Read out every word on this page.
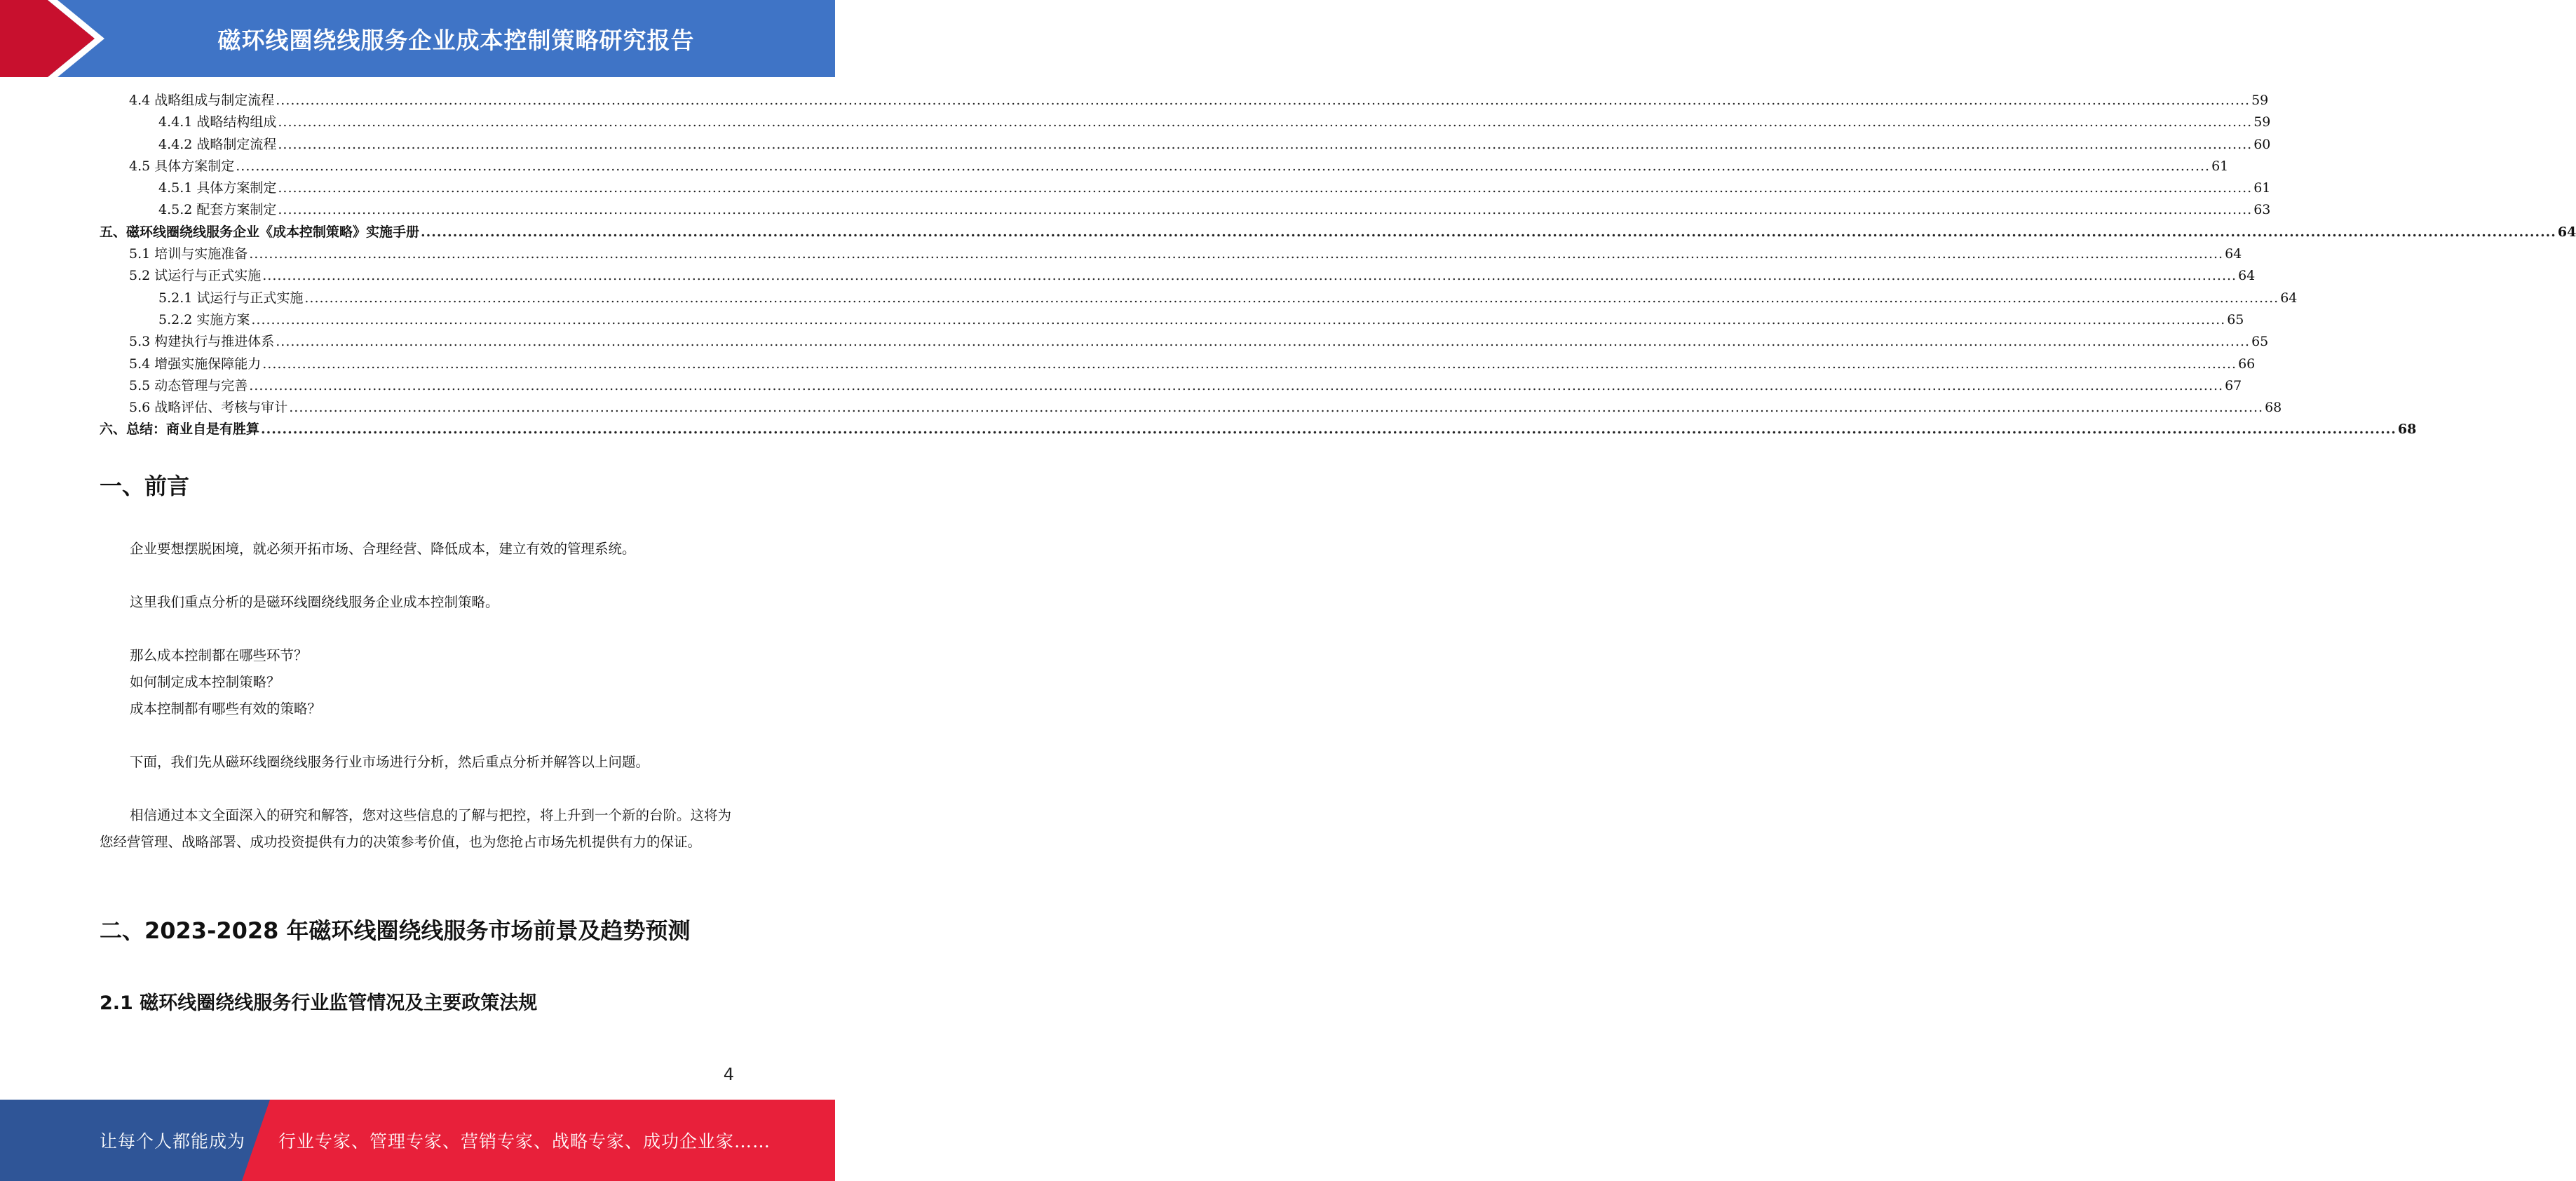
磁环线圈绕线服务企业成本控制策略研究报告
4.4 战略组成与制定流程 ................................................................................................................................................................................................................................................................................................................................................................................................................ 59
4.4.1 战略结构组成 ................................................................................................................................................................................................................................................................................................................................................................................................................ 59
4.4.2 战略制定流程 ................................................................................................................................................................................................................................................................................................................................................................................................................ 60
4.5 具体方案制定 ................................................................................................................................................................................................................................................................................................................................................................................................................ 61
4.5.1 具体方案制定 ................................................................................................................................................................................................................................................................................................................................................................................................................ 61
4.5.2 配套方案制定 ................................................................................................................................................................................................................................................................................................................................................................................................................ 63
五、磁环线圈绕线服务企业《成本控制策略》实施手册 ................................................................................................................................................................................................................................................................................................................................................................................................................ 64
5.1 培训与实施准备 ................................................................................................................................................................................................................................................................................................................................................................................................................ 64
5.2 试运行与正式实施 ................................................................................................................................................................................................................................................................................................................................................................................................................ 64
5.2.1 试运行与正式实施 ................................................................................................................................................................................................................................................................................................................................................................................................................ 64
5.2.2 实施方案 ................................................................................................................................................................................................................................................................................................................................................................................................................ 65
5.3 构建执行与推进体系 ................................................................................................................................................................................................................................................................................................................................................................................................................ 65
5.4 增强实施保障能力 ................................................................................................................................................................................................................................................................................................................................................................................................................ 66
5.5 动态管理与完善 ................................................................................................................................................................................................................................................................................................................................................................................................................ 67
5.6 战略评估、考核与审计 ................................................................................................................................................................................................................................................................................................................................................................................................................ 68
六、总结：商业自是有胜算 ................................................................................................................................................................................................................................................................................................................................................................................................................ 68
一、前言

企业要想摆脱困境，就必须开拓市场、合理经营、降低成本，建立有效的管理系统。

这里我们重点分析的是磁环线圈绕线服务企业成本控制策略。

那么成本控制都在哪些环节？

如何制定成本控制策略？

成本控制都有哪些有效的策略？

下面，我们先从磁环线圈绕线服务行业市场进行分析，然后重点分析并解答以上问题。

相信通过本文全面深入的研究和解答，您对这些信息的了解与把控，将上升到一个新的台阶。这将为您经营管理、战略部署、成功投资提供有力的决策参考价值，也为您抢占市场先机提供有力的保证。

二、2023-2028 年磁环线圈绕线服务市场前景及趋势预测
2.1 磁环线圈绕线服务行业监管情况及主要政策法规
4
让每个人都能成为 行业专家、管理专家、营销专家、战略专家、成功企业家……
